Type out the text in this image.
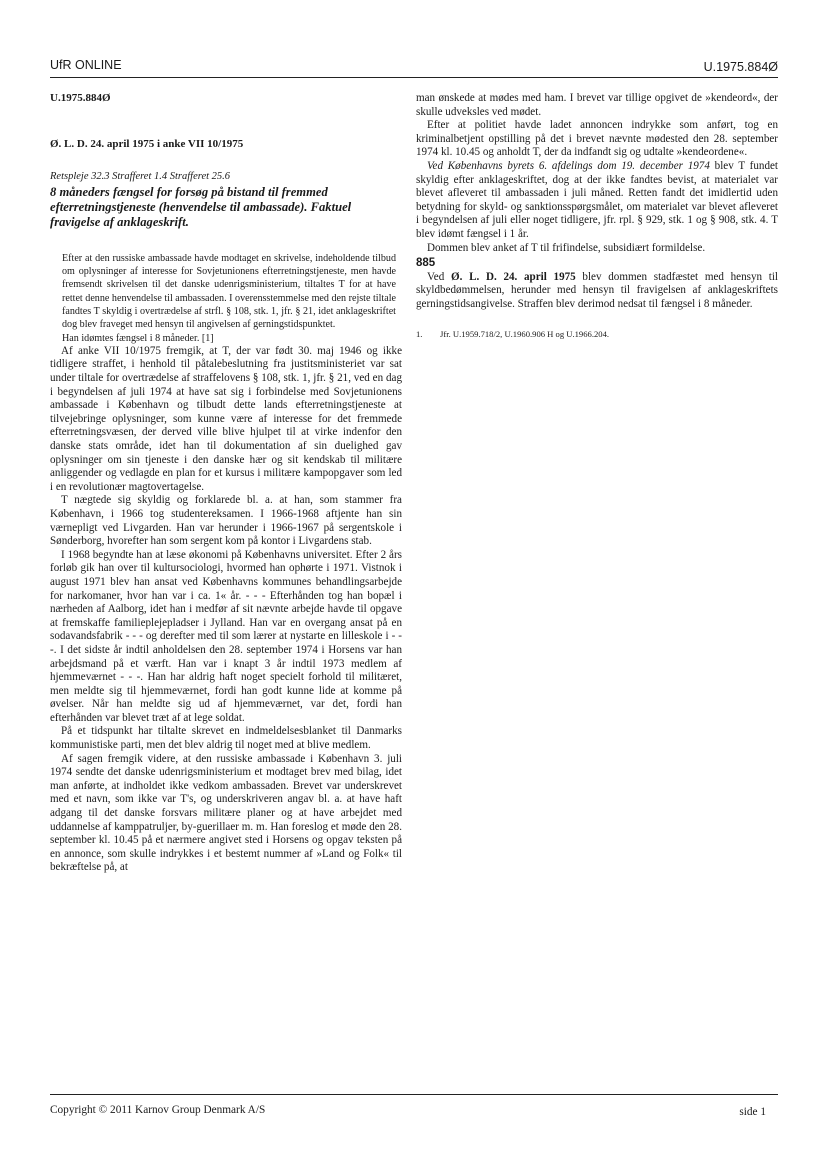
UfR ONLINE	U.1975.884Ø
U.1975.884Ø
Ø. L. D. 24. april 1975 i anke VII 10/1975
Retspleje 32.3 Strafferet 1.4 Strafferet 25.6
8 måneders fængsel for forsøg på bistand til fremmed efterretningstjeneste (henvendelse til ambassade). Faktuel fravigelse af anklageskrift.

Efter at den russiske ambassade havde modtaget en skrivelse, indeholdende tilbud om oplysninger af interesse for Sovjetunionens efterretningstjeneste, men havde fremsendt skrivelsen til det danske udenrigsministerium, tiltaltes T for at have rettet denne henvendelse til ambassaden. I overensstemmelse med den rejste tiltale fandtes T skyldig i overtrædelse af strfl. § 108, stk. 1, jfr. § 21, idet anklageskriftet dog blev fraveget med hensyn til angivelsen af gerningstidspunktet.

Han idømtes fængsel i 8 måneder. [1]

Af anke VII 10/1975 fremgik, at T, der var født 30. maj 1946 og ikke tidligere straffet, i henhold til påtalebeslutning fra justitsministeriet var sat under tiltale for overtrædelse af straffelovens § 108, stk. 1, jfr. § 21, ved en dag i begyndelsen af juli 1974 at have sat sig i forbindelse med Sovjetunionens ambassade i København og tilbudt dette lands efterretningstjeneste at tilvejebringe oplysninger, som kunne være af interesse for det fremmede efterretningsvæsen, der derved ville blive hjulpet til at virke indenfor den danske stats område, idet han til dokumentation af sin duelighed gav oplysninger om sin tjeneste i den danske hær og sit kendskab til militære anliggender og vedlagde en plan for et kursus i militære kampopgaver som led i en revolutionær magtovertagelse.

T nægtede sig skyldig og forklarede bl. a. at han, som stammer fra København, i 1966 tog studentereksamen. I 1966-1968 aftjente han sin værnepligt ved Livgarden. Han var herunder i 1966-1967 på sergentskole i Sønderborg, hvorefter han som sergent kom på kontor i Livgardens stab.

I 1968 begyndte han at læse økonomi på Københavns universitet. Efter 2 års forløb gik han over til kultursociologi, hvormed han ophørte i 1971. Vistnok i august 1971 blev han ansat ved Københavns kommunes behandlingsarbejde for narkomaner, hvor han var i ca. 1« år. - - - Efterhånden tog han bopæl i nærheden af Aalborg, idet han i medfør af sit nævnte arbejde havde til opgave at fremskaffe familieplejepladser i Jylland. Han var en overgang ansat på en sodavandsfabrik - - - og derefter med til som lærer at nystarte en lilleskole i - - -. I det sidste år indtil anholdelsen den 28. september 1974 i Horsens var han arbejdsmand på et værft. Han var i knapt 3 år indtil 1973 medlem af hjemmeværnet - - -. Han har aldrig haft noget specielt forhold til militæret, men meldte sig til hjemmeværnet, fordi han godt kunne lide at komme på øvelser. Når han meldte sig ud af hjemmeværnet, var det, fordi han efterhånden var blevet træt af at lege soldat.

På et tidspunkt har tiltalte skrevet en indmeldelsesblanket til Danmarks kommunistiske parti, men det blev aldrig til noget med at blive medlem.

Af sagen fremgik videre, at den russiske ambassade i København 3. juli 1974 sendte det danske udenrigsministerium et modtaget brev med bilag, idet man anførte, at indholdet ikke vedkom ambassaden. Brevet var underskrevet med et navn, som ikke var T's, og underskriveren angav bl. a. at have haft adgang til det danske forsvars militære planer og at have arbejdet med uddannelse af kamppatruljer, by-guerillaer m. m. Han foreslog et møde den 28. september kl. 10.45 på et nærmere angivet sted i Horsens og opgav teksten på en annonce, som skulle indrykkes i et bestemt nummer af »Land og Folk« til bekræftelse på, at

man ønskede at mødes med ham. I brevet var tillige opgivet de »kendeord«, der skulle udveksles ved mødet.

Efter at politiet havde ladet annoncen indrykke som anført, tog en kriminalbetjent opstilling på det i brevet nævnte mødested den 28. september 1974 kl. 10.45 og anholdt T, der da indfandt sig og udtalte »kendeordene«.

Ved Københavns byrets 6. afdelings dom 19. december 1974 blev T fundet skyldig efter anklageskriftet, dog at der ikke fandtes bevist, at materialet var blevet afleveret til ambassaden i juli måned. Retten fandt det imidlertid uden betydning for skyld- og sanktionsspørgsmålet, om materialet var blevet afleveret i begyndelsen af juli eller noget tidligere, jfr. rpl. § 929, stk. 1 og § 908, stk. 4. T blev idømt fængsel i 1 år.

Dommen blev anket af T til frifindelse, subsidiært formildelse.

885

Ved Ø. L. D. 24. april 1975 blev dommen stadfæstet med hensyn til skyldbedømmelsen, herunder med hensyn til fravigelsen af anklageskriftets gerningstidsangivelse. Straffen blev derimod nedsat til fængsel i 8 måneder.

1.	Jfr. U.1959.718/2, U.1960.906 H og U.1966.204.
Copyright © 2011 Karnov Group Denmark A/S	side 1
